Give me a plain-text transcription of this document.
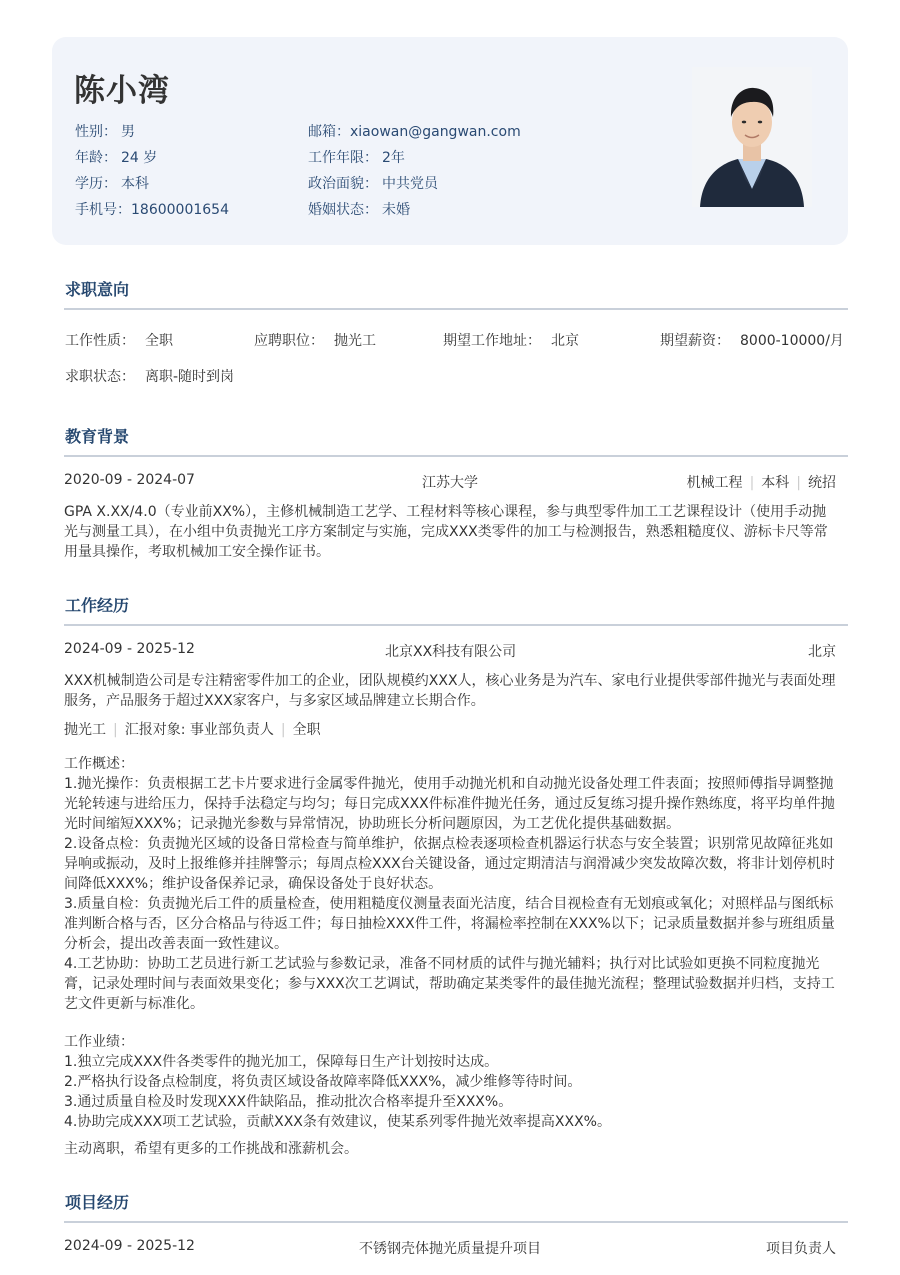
陈小湾
性别： 男	邮箱：xiaowan@gangwan.com
年龄： 24 岁	工作年限： 2年
学历： 本科	政治面貌： 中共党员
手机号：18600001654	婚姻状态： 未婚
求职意向
工作性质： 全职	应聘职位： 抛光工	期望工作地址： 北京	期望薪资： 8000-10000/月
求职状态： 离职-随时到岗
教育背景
2020-09 - 2024-07	江苏大学	机械工程 | 本科 | 统招
GPA X.XX/4.0（专业前XX%），主修机械制造工艺学、工程材料等核心课程，参与典型零件加工工艺课程设计（使用手动抛光与测量工具），在小组中负责抛光工序方案制定与实施，完成XXX类零件的加工与检测报告，熟悉粗糙度仪、游标卡尺等常用量具操作，考取机械加工安全操作证书。
工作经历
2024-09 - 2025-12	北京XX科技有限公司	北京
XXX机械制造公司是专注精密零件加工的企业，团队规模约XXX人，核心业务是为汽车、家电行业提供零部件抛光与表面处理服务，产品服务于超过XXX家客户，与多家区域品牌建立长期合作。
抛光工 | 汇报对象: 事业部负责人 | 全职
工作概述：
1.抛光操作：负责根据工艺卡片要求进行金属零件抛光，使用手动抛光机和自动抛光设备处理工件表面；按照师傅指导调整抛光轮转速与进给压力，保持手法稳定与均匀；每日完成XXX件标准件抛光任务，通过反复练习提升操作熟练度，将平均单件抛光时间缩短XXX%；记录抛光参数与异常情况，协助班长分析问题原因，为工艺优化提供基础数据。
2.设备点检：负责抛光区域的设备日常检查与简单维护，依据点检表逐项检查机器运行状态与安全装置；识别常见故障征兆如异响或振动，及时上报维修并挂牌警示；每周点检XXX台关键设备，通过定期清洁与润滑减少突发故障次数，将非计划停机时间降低XXX%；维护设备保养记录，确保设备处于良好状态。
3.质量自检：负责抛光后工件的质量检查，使用粗糙度仪测量表面光洁度，结合目视检查有无划痕或氧化；对照样品与图纸标准判断合格与否，区分合格品与待返工件；每日抽检XXX件工件，将漏检率控制在XXX%以下；记录质量数据并参与班组质量分析会，提出改善表面一致性建议。
4.工艺协助：协助工艺员进行新工艺试验与参数记录，准备不同材质的试件与抛光辅料；执行对比试验如更换不同粒度抛光膏，记录处理时间与表面效果变化；参与XXX次工艺调试，帮助确定某类零件的最佳抛光流程；整理试验数据并归档，支持工艺文件更新与标准化。
工作业绩：
1.独立完成XXX件各类零件的抛光加工，保障每日生产计划按时达成。
2.严格执行设备点检制度，将负责区域设备故障率降低XXX%，减少维修等待时间。
3.通过质量自检及时发现XXX件缺陷品，推动批次合格率提升至XXX%。
4.协助完成XXX项工艺试验，贡献XXX条有效建议，使某系列零件抛光效率提高XXX%。
主动离职，希望有更多的工作挑战和涨薪机会。
项目经历
2024-09 - 2025-12	不锈钢壳体抛光质量提升项目	项目负责人
